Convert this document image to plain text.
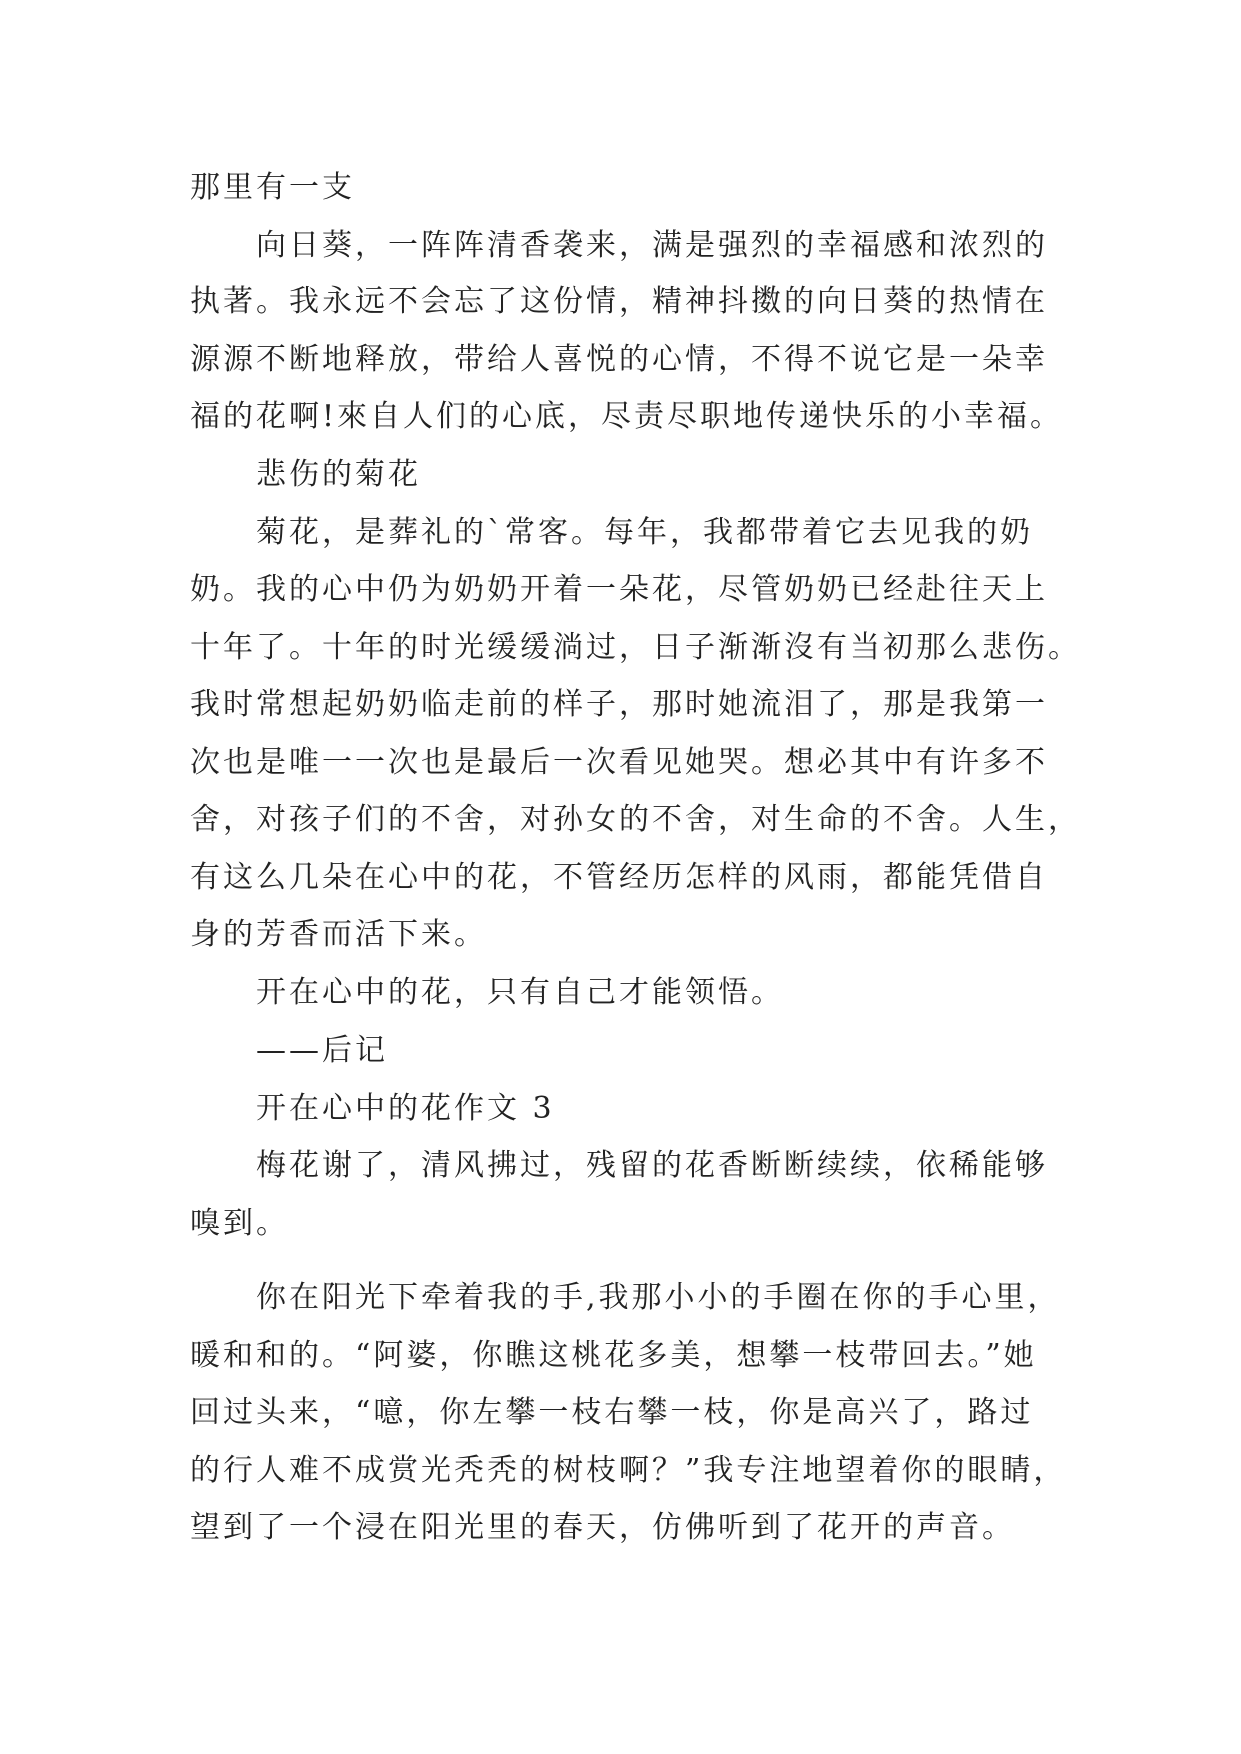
那里有一支
向日葵，一阵阵清香袭来，满是强烈的幸福感和浓烈的
执著。我永远不会忘了这份情，精神抖擞的向日葵的热情在
源源不断地释放，带给人喜悦的心情，不得不说它是一朵幸
福的花啊!來自人们的心底，尽责尽职地传递快乐的小幸福。
悲伤的菊花
菊花，是葬礼的`常客。每年，我都带着它去见我的奶
奶。我的心中仍为奶奶开着一朵花，尽管奶奶已经赴往天上
十年了。十年的时光缓缓淌过，日子渐渐沒有当初那么悲伤。
我时常想起奶奶临走前的样子，那时她流泪了，那是我第一
次也是唯一一次也是最后一次看见她哭。想必其中有许多不
舍，对孩子们的不舍，对孙女的不舍，对生命的不舍。人生，
有这么几朵在心中的花，不管经历怎样的风雨，都能凭借自
身的芳香而活下来。
开在心中的花，只有自己才能领悟。
——后记
开在心中的花作文 3
梅花谢了，清风拂过，残留的花香断断续续，依稀能够
嗅到。
你在阳光下牵着我的手,我那小小的手圈在你的手心里，
暖和和的。“阿婆，你瞧这桃花多美，想攀一枝带回去。”她
回过头来，“噫，你左攀一枝右攀一枝，你是高兴了，路过
的行人难不成赏光秃秃的树枝啊？”我专注地望着你的眼睛，
望到了一个浸在阳光里的春天，仿佛听到了花开的声音。
